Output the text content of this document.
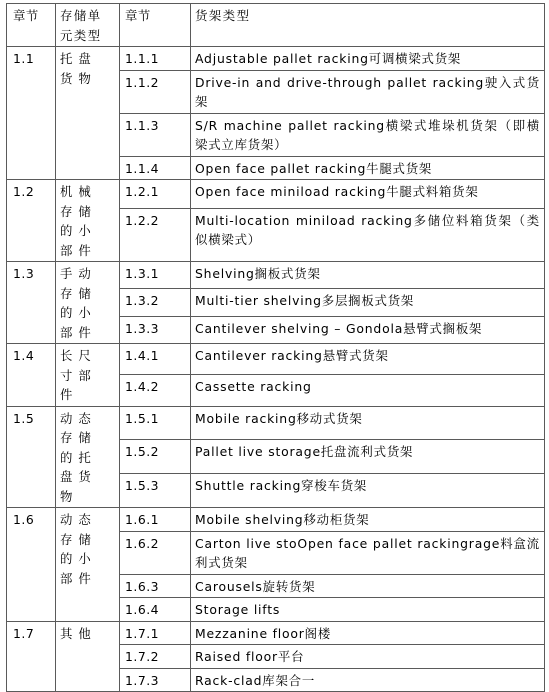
章节	存储单元类型	章节	货架类型
1.1	托盘货物	1.1.1	Adjustable pallet racking可调横梁式货架
		1.1.2	Drive-in and drive-through pallet racking驶入式货架
		1.1.3	S/R machine pallet racking横梁式堆垛机货架（即横梁式立库货架）
		1.1.4	Open face pallet racking牛腿式货架
1.2	机械存储的小部件	1.2.1	Open face miniload racking牛腿式料箱货架
		1.2.2	Multi-location miniload racking多储位料箱货架（类似横梁式）
1.3	手动存储的小部件	1.3.1	Shelving搁板式货架
		1.3.2	Multi-tier shelving多层搁板式货架
		1.3.3	Cantilever shelving – Gondola悬臂式搁板架
1.4	长尺寸部件	1.4.1	Cantilever racking悬臂式货架
		1.4.2	Cassette racking
1.5	动态存储的托盘货物	1.5.1	Mobile racking移动式货架
		1.5.2	Pallet live storage托盘流利式货架
		1.5.3	Shuttle racking穿梭车货架
1.6	动态存储的小部件	1.6.1	Mobile shelving移动柜货架
		1.6.2	Carton live stoOpen face pallet rackingrage料盒流利式货架
		1.6.3	Carousels旋转货架
		1.6.4	Storage lifts
1.7	其他	1.7.1	Mezzanine floor阁楼
		1.7.2	Raised floor平台
		1.7.3	Rack-clad库架合一
